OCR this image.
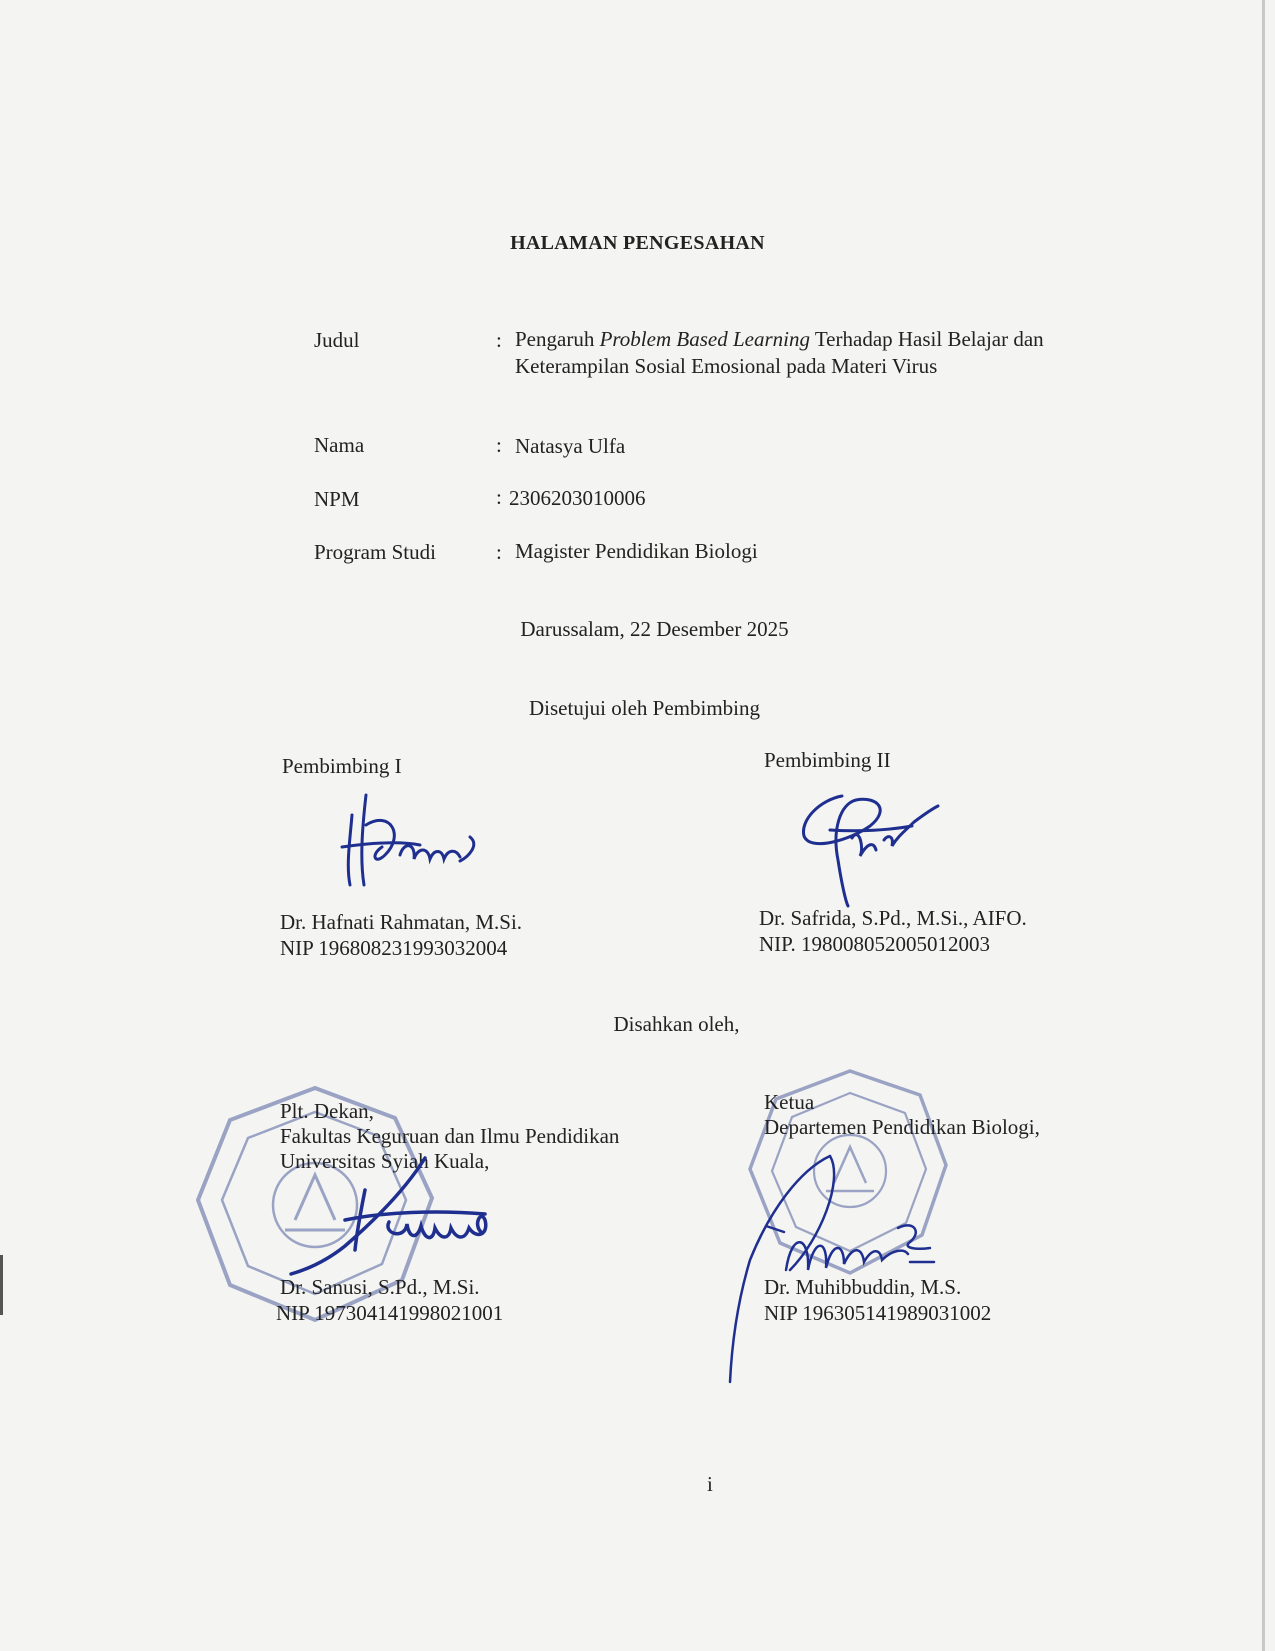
HALAMAN PENGESAHAN
Judul	: Pengaruh Problem Based Learning Terhadap Hasil Belajar dan Keterampilan Sosial Emosional pada Materi Virus
Nama	: Natasya Ulfa
NPM	: 2306203010006
Program Studi	: Magister Pendidikan Biologi
Darussalam, 22 Desember 2025
Disetujui oleh Pembimbing
Pembimbing I
Dr. Hafnati Rahmatan, M.Si.
NIP 196808231993032004
Pembimbing II
Dr. Safrida, S.Pd., M.Si., AIFO.
NIP. 198008052005012003
Disahkan oleh,
Plt. Dekan,
Fakultas Keguruan dan Ilmu Pendidikan
Universitas Syiah Kuala,
Dr. Sanusi, S.Pd., M.Si.
NIP 197304141998021001
Ketua
Departemen Pendidikan Biologi,
Dr. Muhibbuddin, M.S.
NIP 196305141989031002
i
